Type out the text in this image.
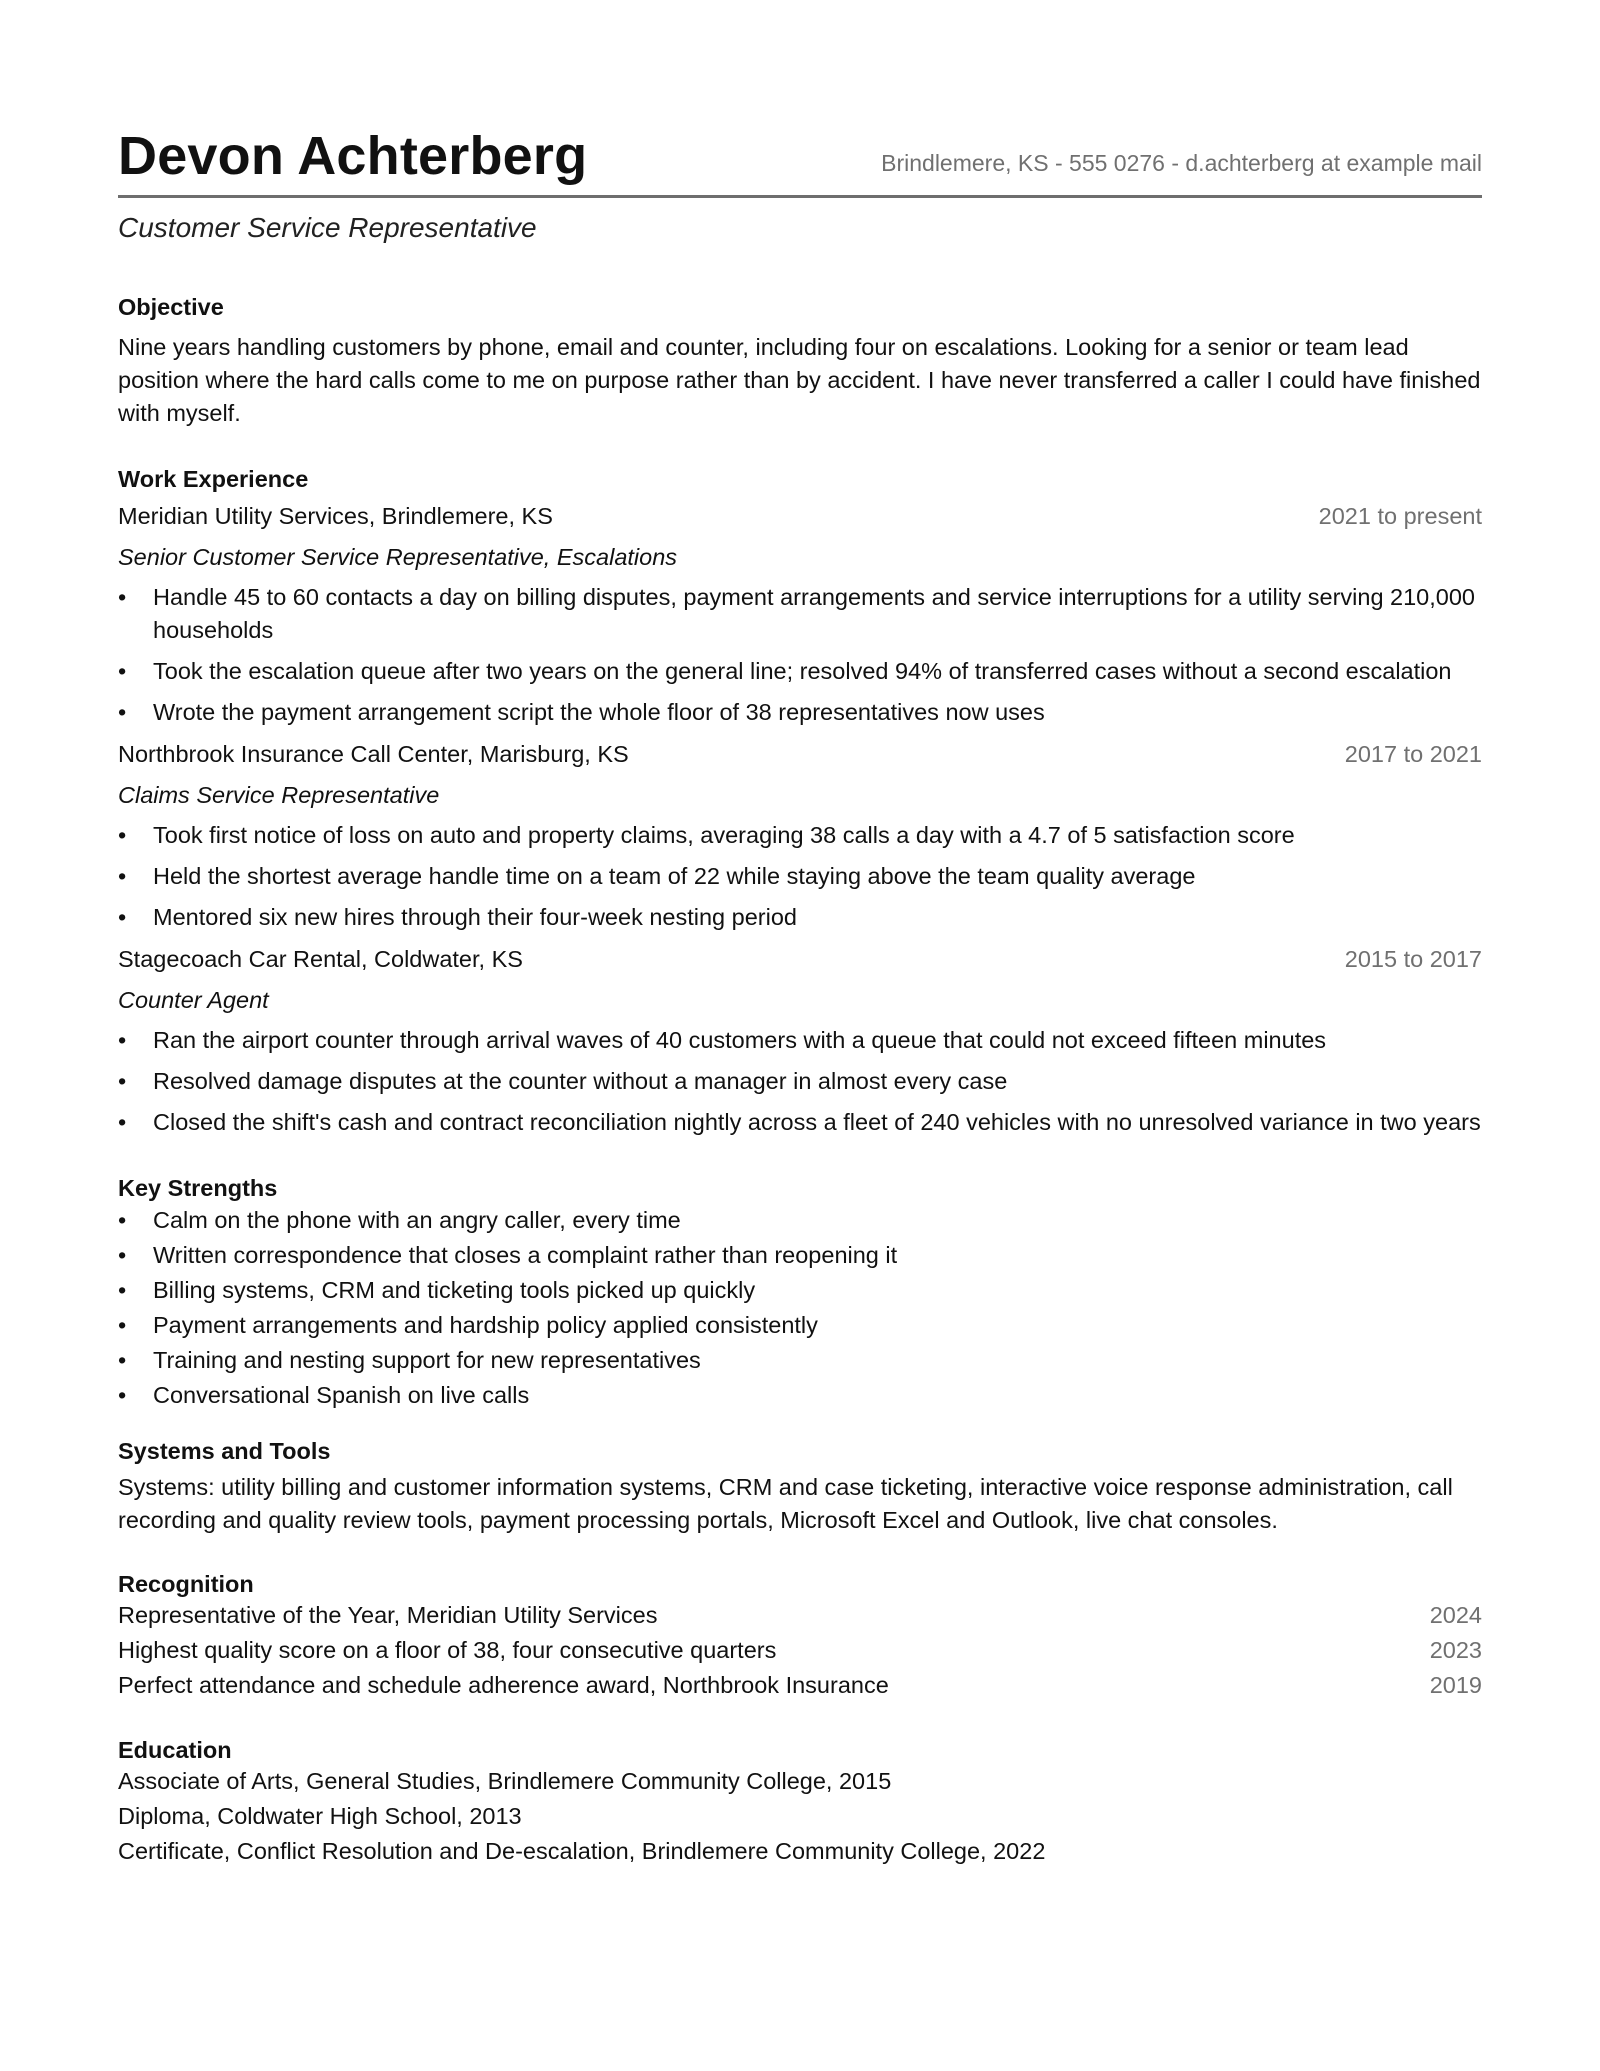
Devon Achterberg	Brindlemere, KS - 555 0276 - d.achterberg at example mail
Customer Service Representative
Objective
Nine years handling customers by phone, email and counter, including four on escalations. Looking for a senior or team lead position where the hard calls come to me on purpose rather than by accident. I have never transferred a caller I could have finished with myself.
Work Experience
Meridian Utility Services, Brindlemere, KS	2021 to present
Senior Customer Service Representative, Escalations
•	Handle 45 to 60 contacts a day on billing disputes, payment arrangements and service interruptions for a utility serving 210,000 households
•	Took the escalation queue after two years on the general line; resolved 94% of transferred cases without a second escalation
•	Wrote the payment arrangement script the whole floor of 38 representatives now uses
Northbrook Insurance Call Center, Marisburg, KS	2017 to 2021
Claims Service Representative
•	Took first notice of loss on auto and property claims, averaging 38 calls a day with a 4.7 of 5 satisfaction score
•	Held the shortest average handle time on a team of 22 while staying above the team quality average
•	Mentored six new hires through their four-week nesting period
Stagecoach Car Rental, Coldwater, KS	2015 to 2017
Counter Agent
•	Ran the airport counter through arrival waves of 40 customers with a queue that could not exceed fifteen minutes
•	Resolved damage disputes at the counter without a manager in almost every case
•	Closed the shift's cash and contract reconciliation nightly across a fleet of 240 vehicles with no unresolved variance in two years
Key Strengths
•	Calm on the phone with an angry caller, every time
•	Written correspondence that closes a complaint rather than reopening it
•	Billing systems, CRM and ticketing tools picked up quickly
•	Payment arrangements and hardship policy applied consistently
•	Training and nesting support for new representatives
•	Conversational Spanish on live calls
Systems and Tools
Systems: utility billing and customer information systems, CRM and case ticketing, interactive voice response administration, call recording and quality review tools, payment processing portals, Microsoft Excel and Outlook, live chat consoles.
Recognition
Representative of the Year, Meridian Utility Services	2024
Highest quality score on a floor of 38, four consecutive quarters	2023
Perfect attendance and schedule adherence award, Northbrook Insurance	2019
Education
Associate of Arts, General Studies, Brindlemere Community College, 2015
Diploma, Coldwater High School, 2013
Certificate, Conflict Resolution and De-escalation, Brindlemere Community College, 2022
